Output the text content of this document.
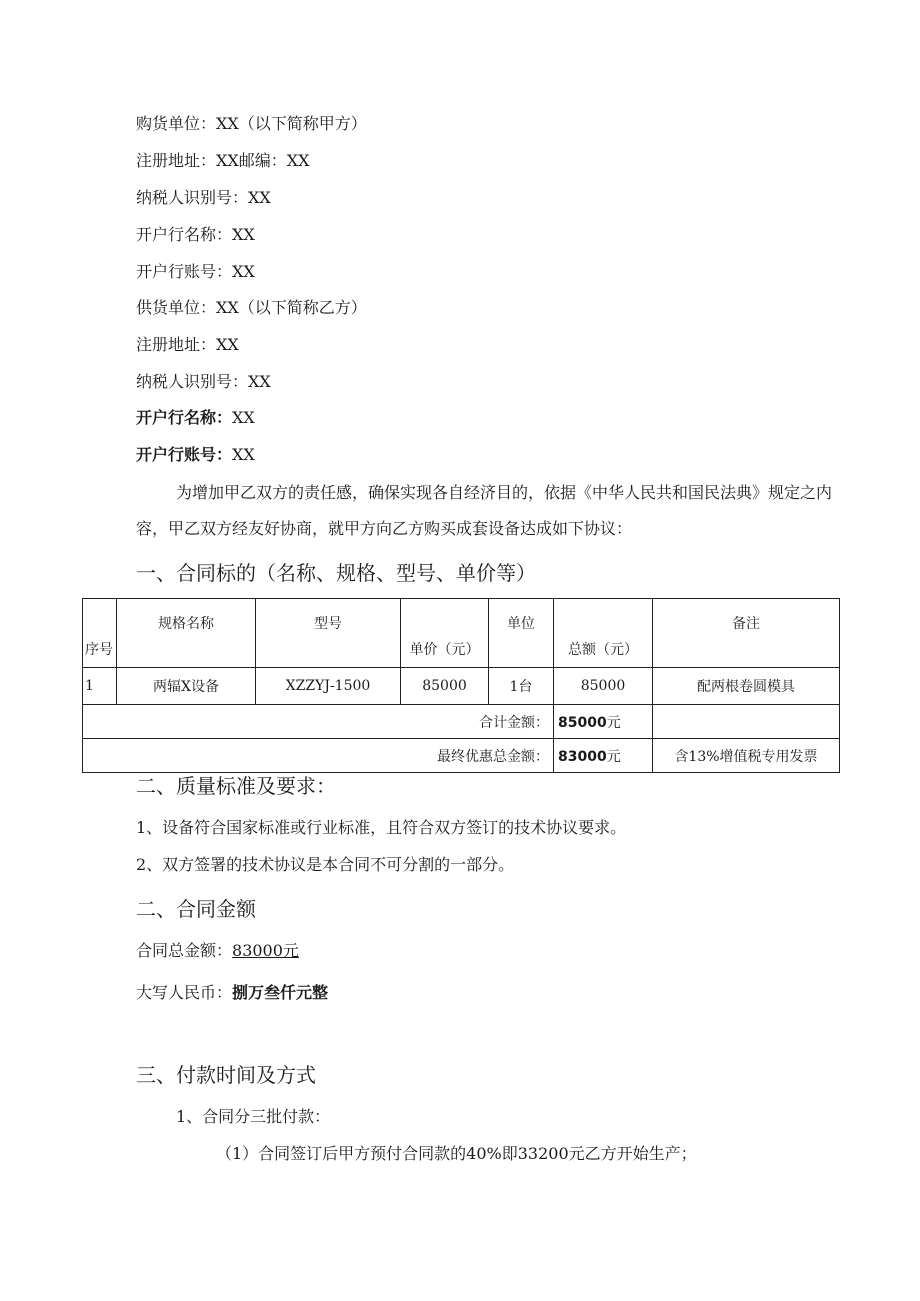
购货单位：XX（以下简称甲方）
注册地址：XX邮编：XX
纳税人识别号：XX
开户行名称：XX
开户行账号：XX
供货单位：XX（以下简称乙方）
注册地址：XX
纳税人识别号：XX
开户行名称：XX
开户行账号：XX
为增加甲乙双方的责任感，确保实现各自经济目的，依据《中华人民共和国民法典》规定之内容，甲乙双方经友好协商，就甲方向乙方购买成套设备达成如下协议：
一、合同标的（名称、规格、型号、单价等）
序号	规格名称	型号	单价（元）	单位	总额（元）	备注
1	两辐X设备	XZZYJ-1500	85000	1台	85000	配两根卷圆模具
合计金额：					85000元	
最终优惠总金额：					83000元	含13%增值税专用发票
二、质量标准及要求：
1、设备符合国家标准或行业标准，且符合双方签订的技术协议要求。
2、双方签署的技术协议是本合同不可分割的一部分。
二、合同金额
合同总金额：83000元
大写人民币：捌万叁仟元整
三、付款时间及方式
1、合同分三批付款：
（1）合同签订后甲方预付合同款的40%即33200元乙方开始生产；
